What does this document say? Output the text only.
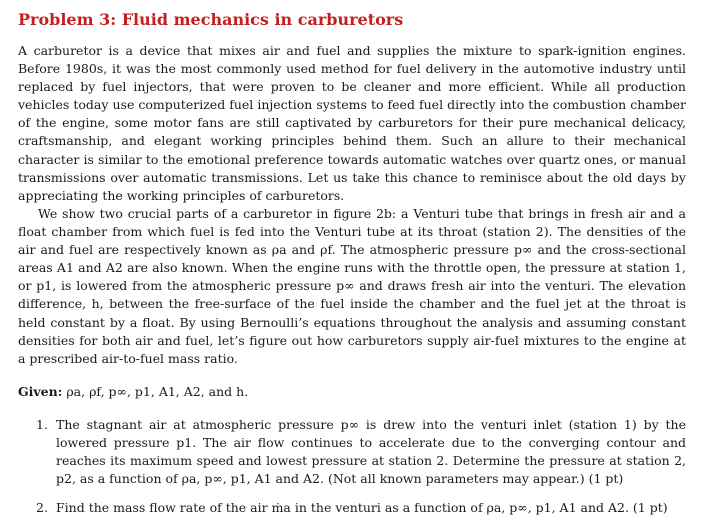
Problem 3: Fluid mechanics in carburetors

A carburetor is a device that mixes air and fuel and supplies the mixture to spark-ignition engines. Before 1980s, it was the most commonly used method for fuel delivery in the automotive industry until replaced by fuel injectors, that were proven to be cleaner and more efficient. While all production vehicles today use computerized fuel injection systems to feed fuel directly into the combustion chamber of the engine, some motor fans are still captivated by carburetors for their pure mechanical delicacy, craftsmanship, and elegant working principles behind them. Such an allure to their mechanical character is similar to the emotional preference towards automatic watches over quartz ones, or manual transmissions over automatic transmissions. Let us take this chance to reminisce about the old days by appreciating the working principles of carburetors.

We show two crucial parts of a carburetor in figure 2b: a Venturi tube that brings in fresh air and a float chamber from which fuel is fed into the Venturi tube at its throat (station 2). The densities of the air and fuel are respectively known as ρa and ρf. The atmospheric pressure p∞ and the cross-sectional areas A1 and A2 are also known. When the engine runs with the throttle open, the pressure at station 1, or p1, is lowered from the atmospheric pressure p∞ and draws fresh air into the venturi. The elevation difference, h, between the free-surface of the fuel inside the chamber and the fuel jet at the throat is held constant by a float. By using Bernoulli’s equations throughout the analysis and assuming constant densities for both air and fuel, let’s figure out how carburetors supply air-fuel mixtures to the engine at a prescribed air-to-fuel mass ratio.

Given: ρa, ρf, p∞, p1, A1, A2, and h.
1. The stagnant air at atmospheric pressure p∞ is drew into the venturi inlet (station 1) by the lowered pressure p1. The air flow continues to accelerate due to the converging contour and reaches its maximum speed and lowest pressure at station 2. Determine the pressure at station 2, p2, as a function of ρa, p∞, p1, A1 and A2. (Not all known parameters may appear.) (1 pt)
2. Find the mass flow rate of the air ṁa in the venturi as a function of ρa, p∞, p1, A1 and A2. (1 pt)
